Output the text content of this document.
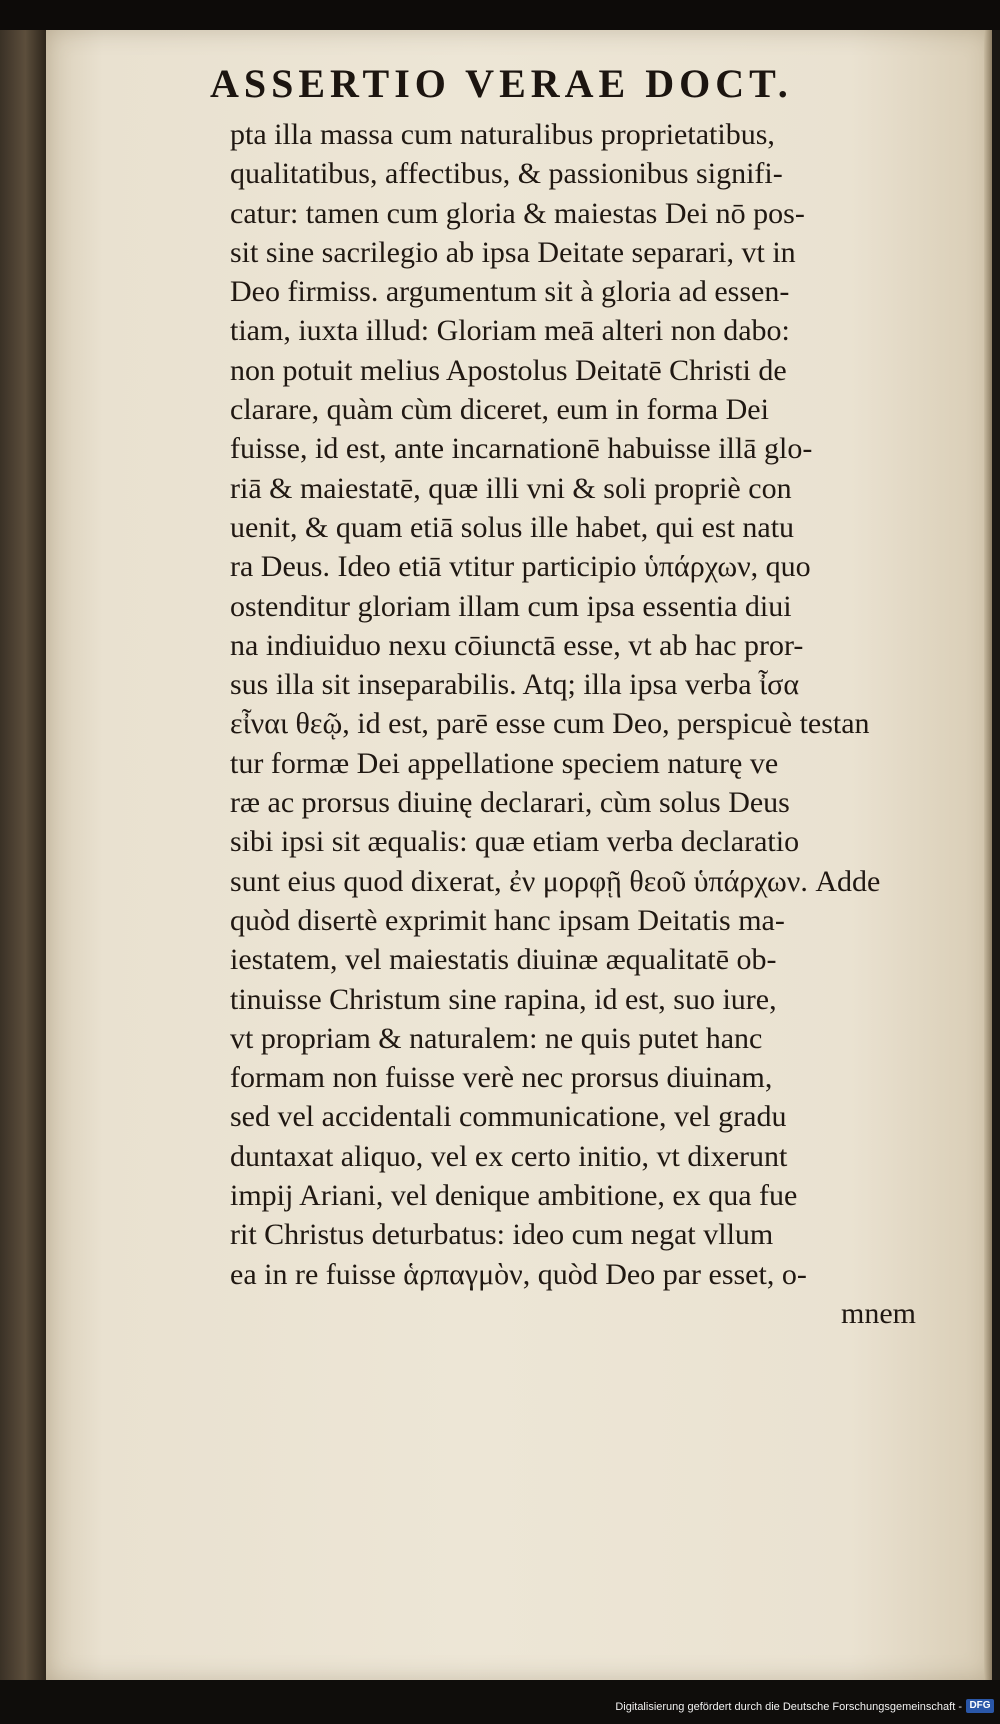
ASSERTIO VERAE DOCT.
pta illa massa cum naturalibus proprietatibus,
qualitatibus, affectibus, & passionibus signifi-
catur: tamen cum gloria & maiestas Dei nō pos-
sit sine sacrilegio ab ipsa Deitate separari, vt in
Deo firmiss. argumentum sit à gloria ad essen-
tiam, iuxta illud: Gloriam meā alteri non dabo:
non potuit melius Apostolus Deitatē Christi de
clarare, quàm cùm diceret, eum in forma Dei
fuisse, id est, ante incarnationē habuisse illā glo-
riā & maiestatē, quæ illi vni & soli propriè con
uenit, & quam etiā solus ille habet, qui est natu
ra Deus. Ideo etiā vtitur participio ὑπάρχων, quo
ostenditur gloriam illam cum ipsa essentia diui
na indiuiduo nexu cōiunctā esse, vt ab hac pror-
sus illa sit inseparabilis. Atq; illa ipsa verba ἶσα
εἶναι θεῷ, id est, parē esse cum Deo, perspicuè testan
tur formæ Dei appellatione speciem naturę ve
ræ ac prorsus diuinę declarari, cùm solus Deus
sibi ipsi sit æqualis: quæ etiam verba declaratio
sunt eius quod dixerat, ἐν μορφῇ θεοῦ ὑπάρχων. Adde
quòd disertè exprimit hanc ipsam Deitatis ma-
iestatem, vel maiestatis diuinæ æqualitatē ob-
tinuisse Christum sine rapina, id est, suo iure,
vt propriam & naturalem: ne quis putet hanc
formam non fuisse verè nec prorsus diuinam,
sed vel accidentali communicatione, vel gradu
duntaxat aliquo, vel ex certo initio, vt dixerunt
impij Ariani, vel denique ambitione, ex qua fue
rit Christus deturbatus: ideo cum negat vllum
ea in re fuisse ἁρπαγμὸν, quòd Deo par esset, o-
mnem
Digitalisierung gefördert durch die Deutsche Forschungsgemeinschaft - DFG
